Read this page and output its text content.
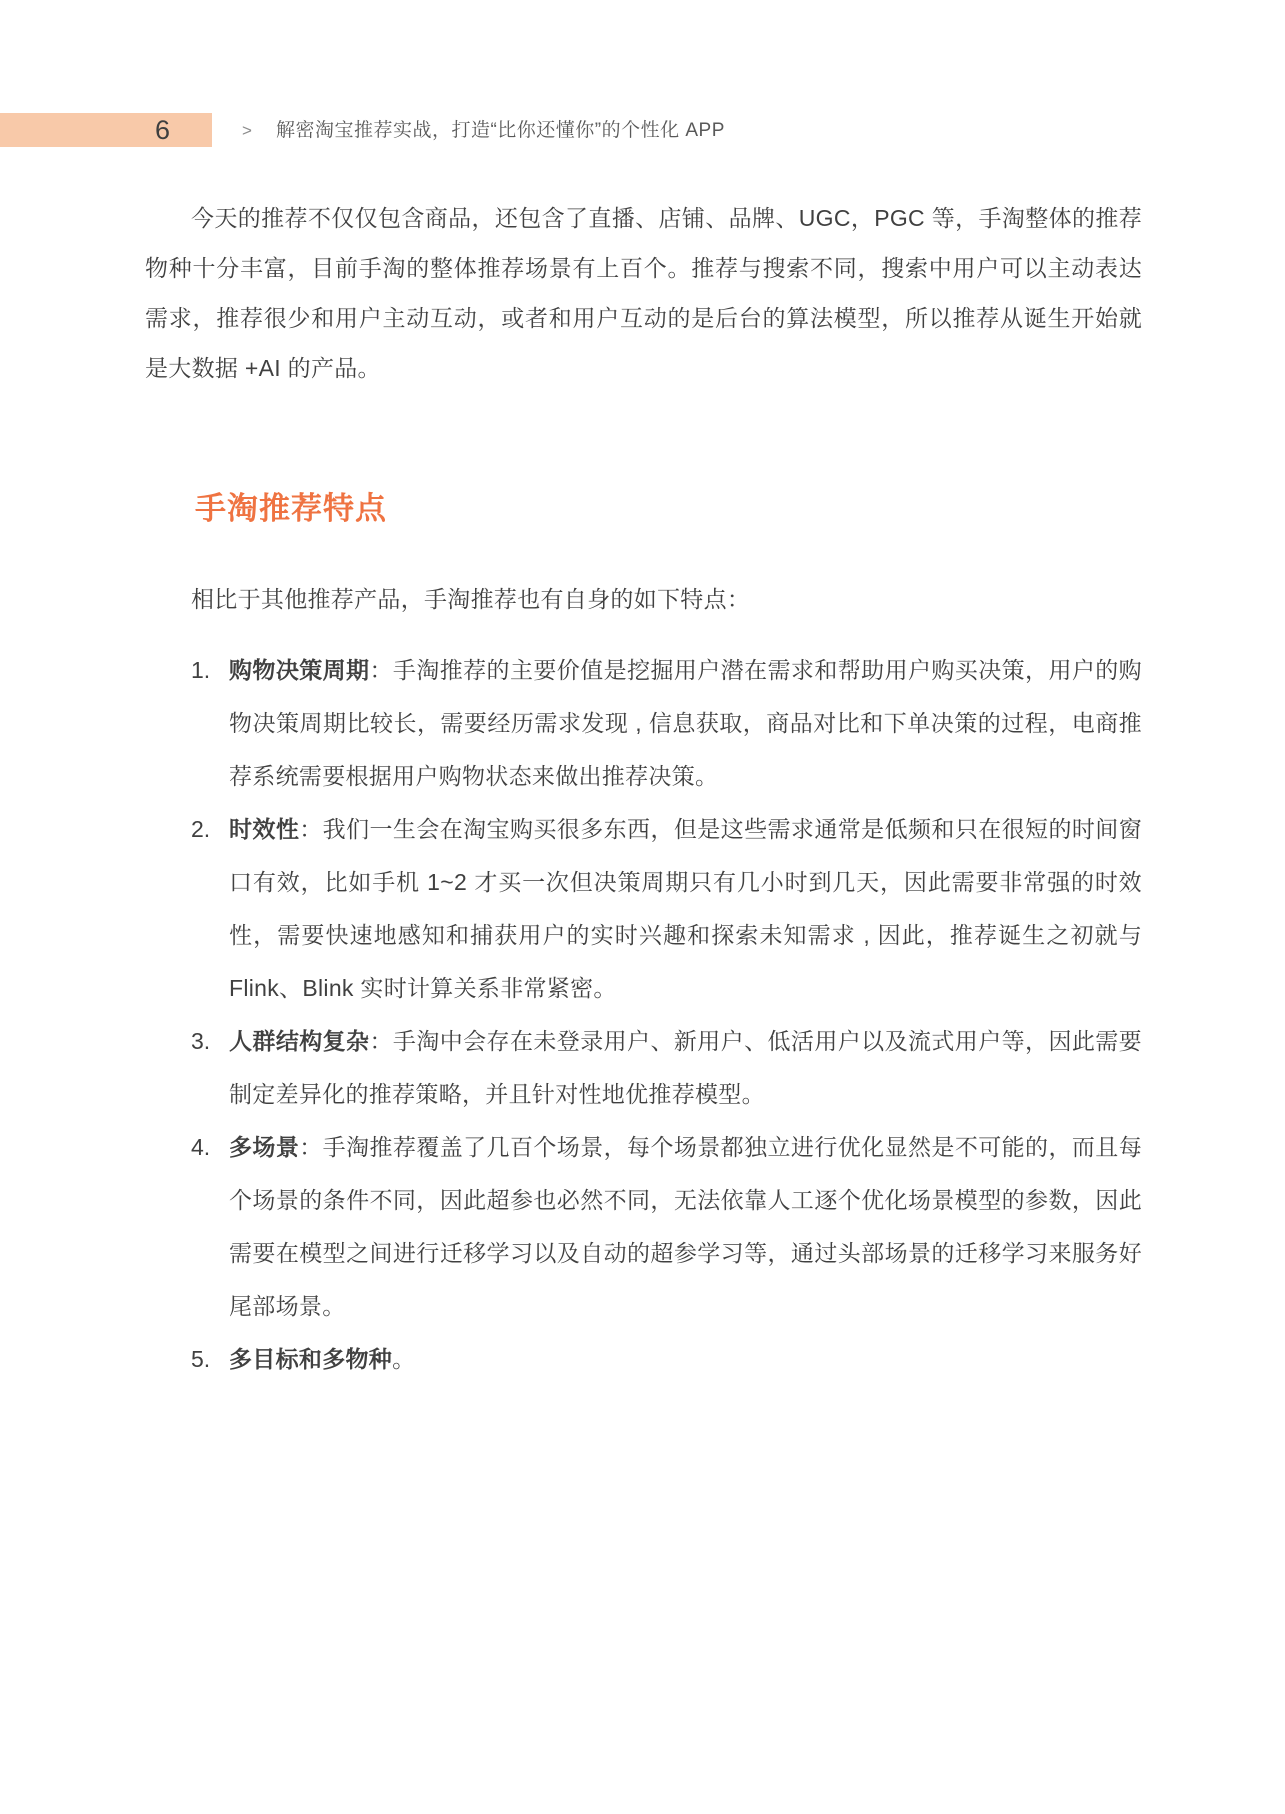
6	> 解密淘宝推荐实战，打造“比你还懂你”的个性化 APP

今天的推荐不仅仅包含商品，还包含了直播、店铺、品牌、UGC，PGC 等，手淘整体的推荐物种十分丰富，目前手淘的整体推荐场景有上百个。推荐与搜索不同，搜索中用户可以主动表达需求，推荐很少和用户主动互动，或者和用户互动的是后台的算法模型，所以推荐从诞生开始就是大数据 +AI 的产品。

手淘推荐特点

相比于其他推荐产品，手淘推荐也有自身的如下特点：

1. 购物决策周期：手淘推荐的主要价值是挖掘用户潜在需求和帮助用户购买决策，用户的购物决策周期比较长，需要经历需求发现 , 信息获取，商品对比和下单决策的过程，电商推荐系统需要根据用户购物状态来做出推荐决策。

2. 时效性：我们一生会在淘宝购买很多东西，但是这些需求通常是低频和只在很短的时间窗口有效，比如手机 1~2 才买一次但决策周期只有几小时到几天，因此需要非常强的时效性，需要快速地感知和捕获用户的实时兴趣和探索未知需求 , 因此，推荐诞生之初就与 Flink、Blink 实时计算关系非常紧密。

3. 人群结构复杂：手淘中会存在未登录用户、新用户、低活用户以及流式用户等，因此需要制定差异化的推荐策略，并且针对性地优推荐模型。

4. 多场景：手淘推荐覆盖了几百个场景，每个场景都独立进行优化显然是不可能的，而且每个场景的条件不同，因此超参也必然不同，无法依靠人工逐个优化场景模型的参数，因此需要在模型之间进行迁移学习以及自动的超参学习等，通过头部场景的迁移学习来服务好尾部场景。

5. 多目标和多物种。
